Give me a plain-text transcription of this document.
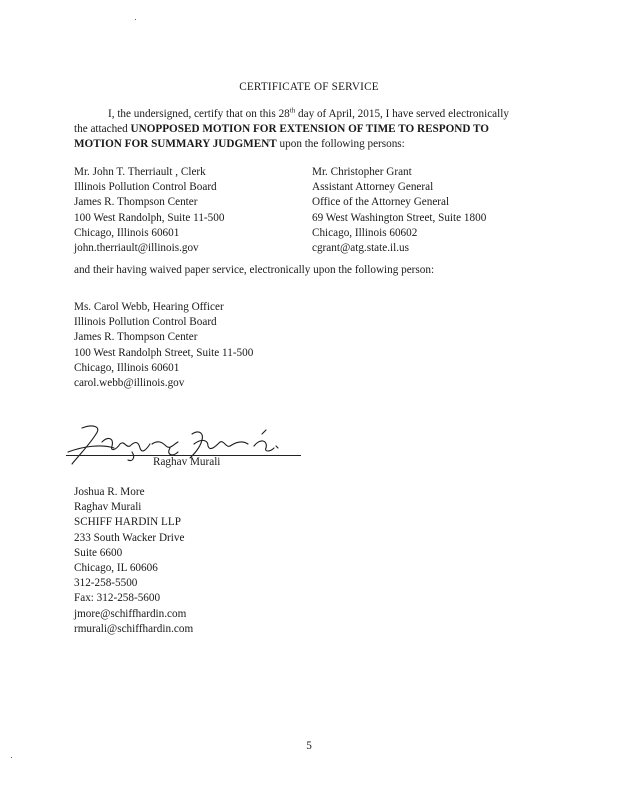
CERTIFICATE OF SERVICE
I, the undersigned, certify that on this 28th day of April, 2015, I have served electronically
the attached UNOPPOSED MOTION FOR EXTENSION OF TIME TO RESPOND TO
MOTION FOR SUMMARY JUDGMENT upon the following persons:
Mr. John T. Therriault , Clerk
Illinois Pollution Control Board
James R. Thompson Center
100 West Randolph, Suite 11-500
Chicago, Illinois 60601
john.therriault@illinois.gov
Mr. Christopher Grant
Assistant Attorney General
Office of the Attorney General
69 West Washington Street, Suite 1800
Chicago, Illinois 60602
cgrant@atg.state.il.us
and their having waived paper service, electronically upon the following person:
Ms. Carol Webb, Hearing Officer
Illinois Pollution Control Board
James R. Thompson Center
100 West Randolph Street, Suite 11-500
Chicago, Illinois 60601
carol.webb@illinois.gov
Raghav Murali
Joshua R. More
Raghav Murali
SCHIFF HARDIN LLP
233 South Wacker Drive
Suite 6600
Chicago, IL 60606
312-258-5500
Fax: 312-258-5600
jmore@schiffhardin.com
rmurali@schiffhardin.com
5
